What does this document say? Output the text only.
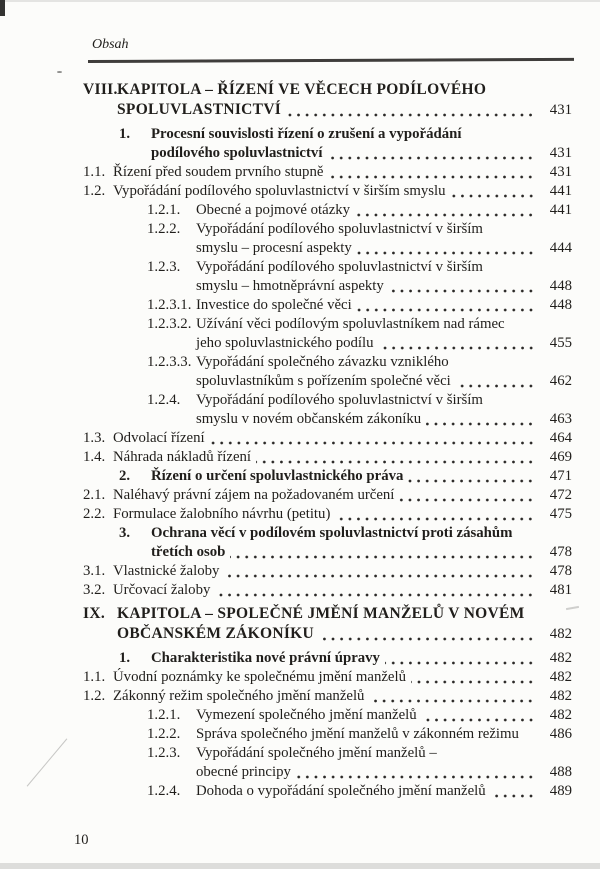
Obsah
VIII. KAPITOLA – ŘÍZENÍ VE VĚCECH PODÍLOVÉHO
SPOLUVLASTNICTVÍ	431
1.	Procesní souvislosti řízení o zrušení a vypořádání
podílového spoluvlastnictví	431
1.1. Řízení před soudem prvního stupně	431
1.2. Vypořádání podílového spoluvlastnictví v širším smyslu	441
1.2.1.	Obecné a pojmové otázky	441
1.2.2.	Vypořádání podílového spoluvlastnictví v širším
smyslu – procesní aspekty	444
1.2.3.	Vypořádání podílového spoluvlastnictví v širším
smyslu – hmotněprávní aspekty	448
1.2.3.1. Investice do společné věci	448
1.2.3.2. Užívání věci podílovým spoluvlastníkem nad rámec
jeho spoluvlastnického podílu	455
1.2.3.3. Vypořádání společného závazku vzniklého
spoluvlastníkům s pořízením společné věci	462
1.2.4.	Vypořádání podílového spoluvlastnictví v širším
smyslu v novém občanském zákoníku	463
1.3. Odvolací řízení	464
1.4. Náhrada nákladů řízení	469
2.	Řízení o určení spoluvlastnického práva	471
2.1. Naléhavý právní zájem na požadovaném určení	472
2.2. Formulace žalobního návrhu (petitu)	475
3.	Ochrana věcí v podílovém spoluvlastnictví proti zásahům
třetích osob	478
3.1. Vlastnické žaloby	478
3.2. Určovací žaloby	481
IX. KAPITOLA – SPOLEČNÉ JMĚNÍ MANŽELŮ V NOVÉM
OBČANSKÉM ZÁKONÍKU	482
1.	Charakteristika nové právní úpravy	482
1.1. Úvodní poznámky ke společnému jmění manželů	482
1.2. Zákonný režim společného jmění manželů	482
1.2.1.	Vymezení společného jmění manželů	482
1.2.2.	Správa společného jmění manželů v zákonném režimu	486
1.2.3.	Vypořádání společného jmění manželů –
obecné principy	488
1.2.4.	Dohoda o vypořádání společného jmění manželů	489
10
